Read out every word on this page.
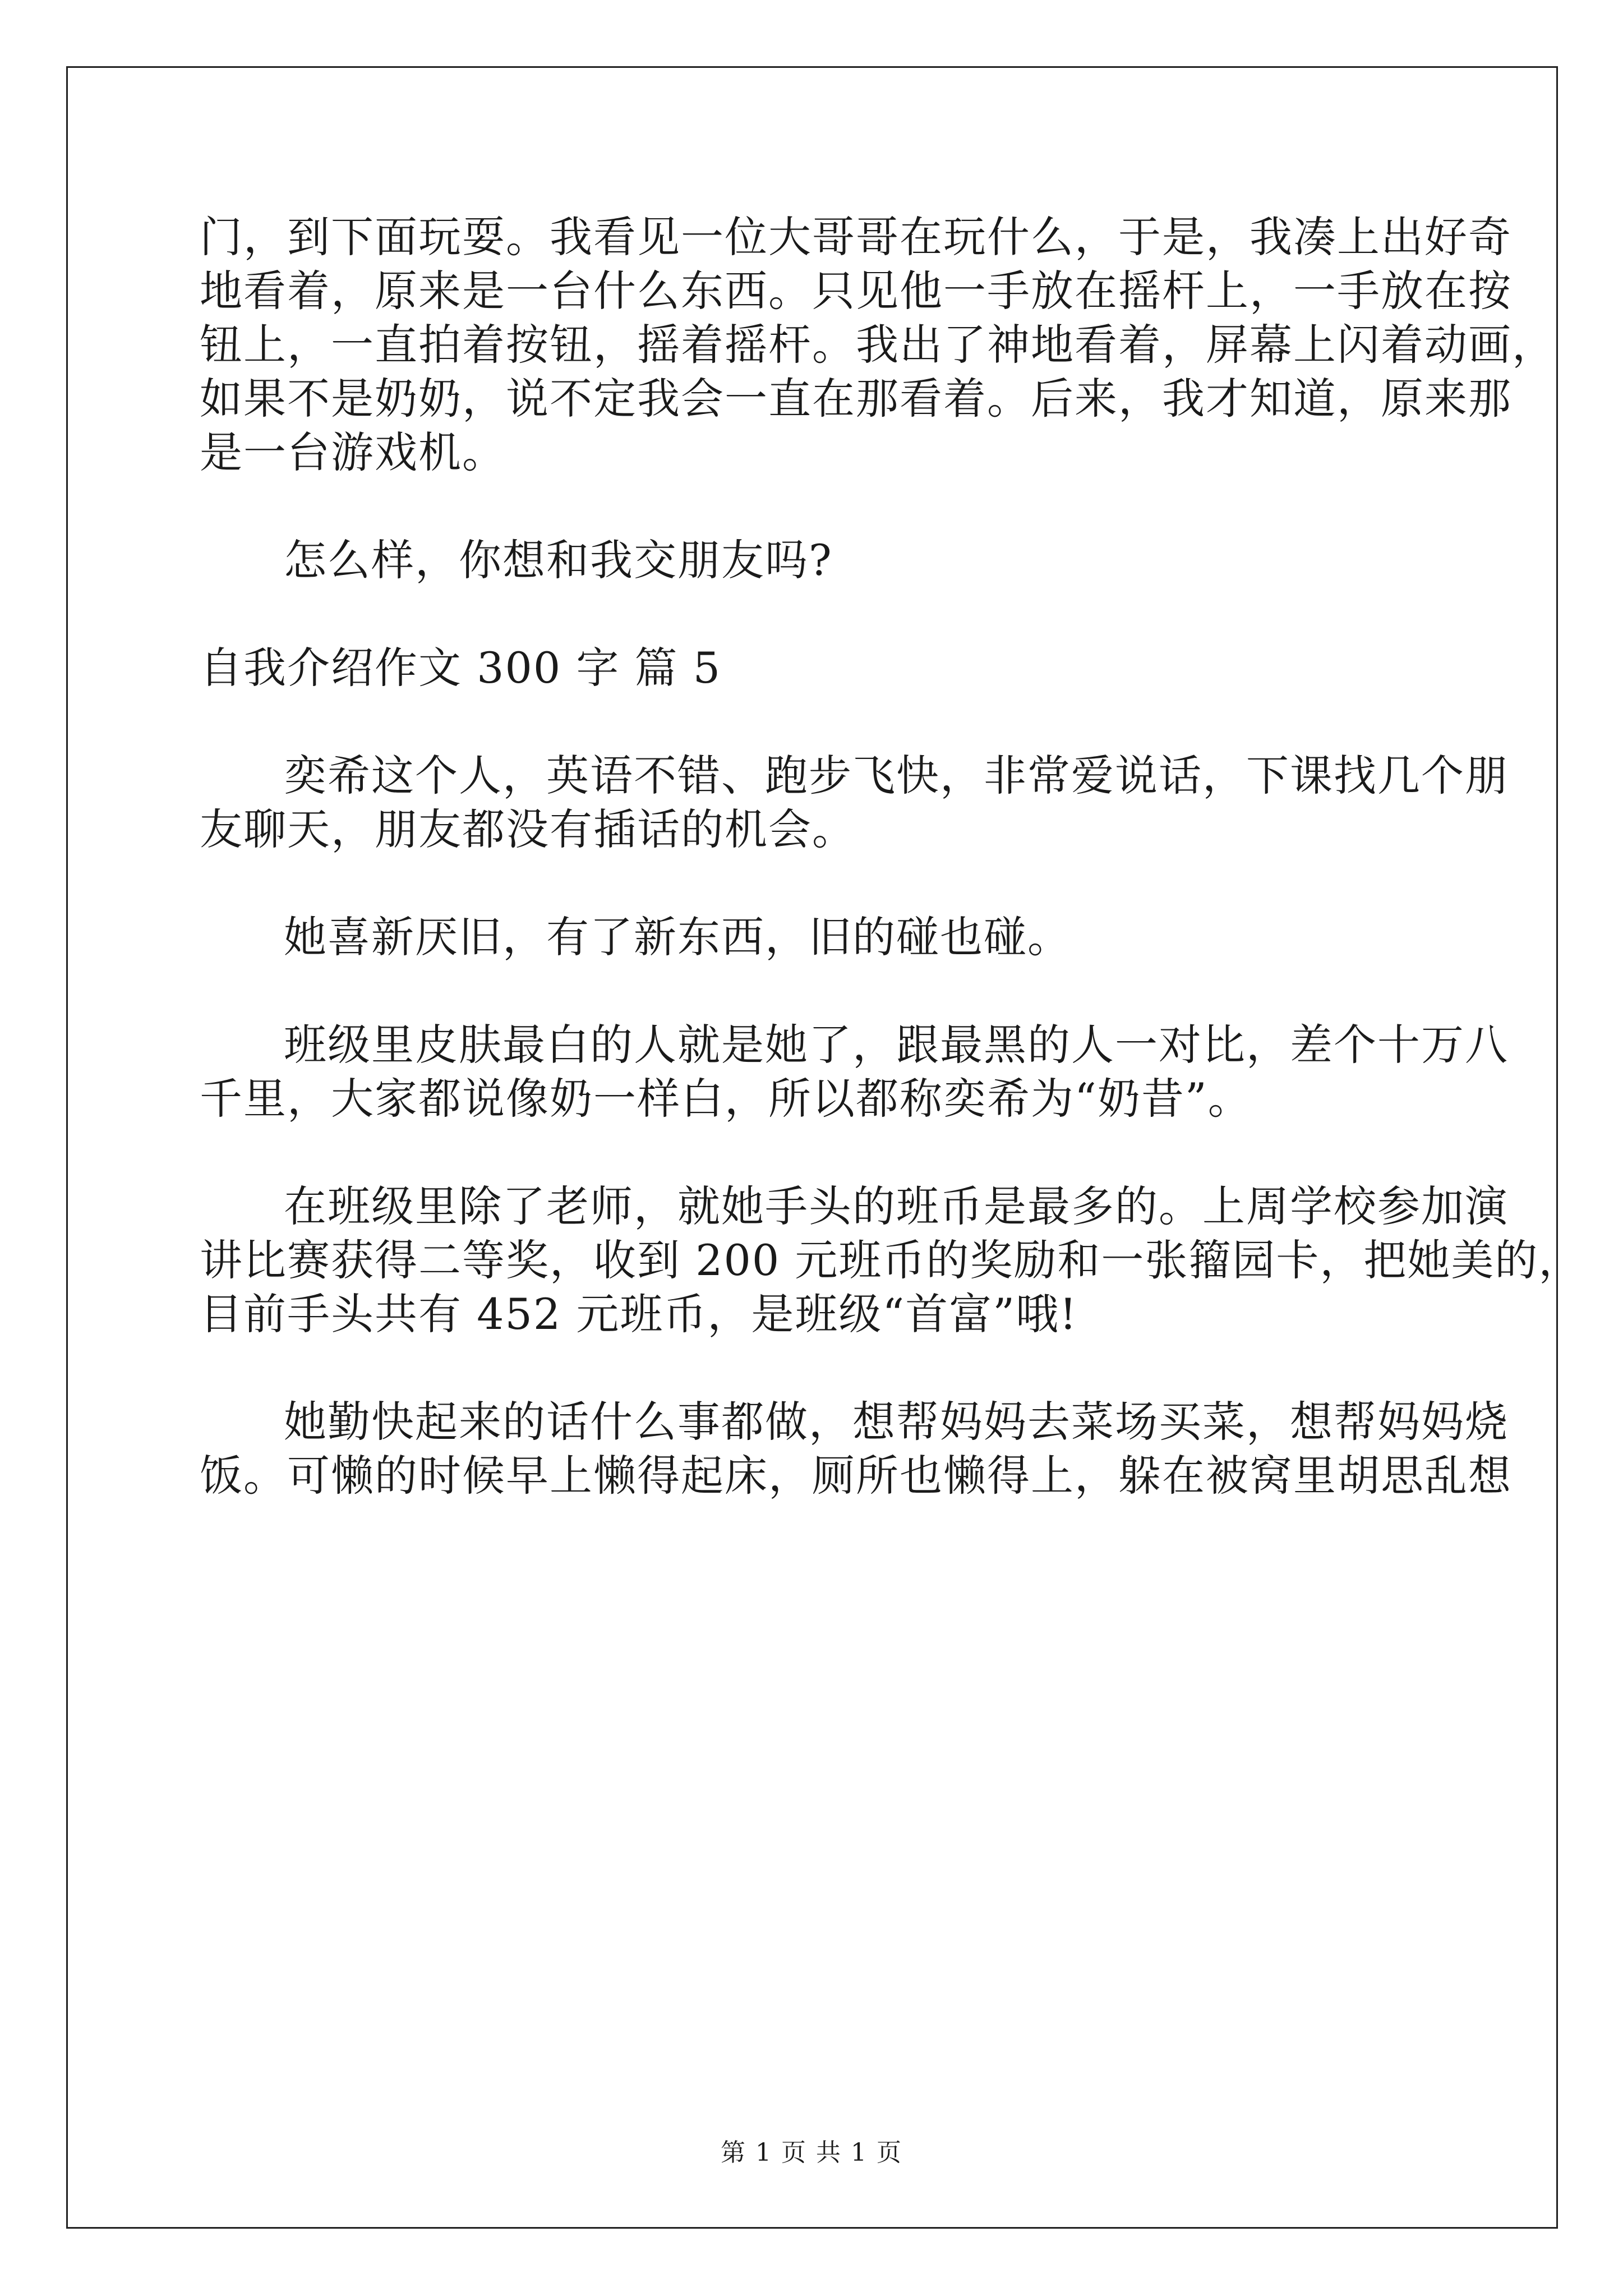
门，到下面玩耍。我看见一位大哥哥在玩什么，于是，我凑上出好奇

地看着，原来是一台什么东西。只见他一手放在摇杆上，一手放在按

钮上，一直拍着按钮，摇着摇杆。我出了神地看着，屏幕上闪着动画，

如果不是奶奶，说不定我会一直在那看着。后来，我才知道，原来那

是一台游戏机。

怎么样，你想和我交朋友吗?

自我介绍作文 300 字 篇 5

奕希这个人，英语不错、跑步飞快，非常爱说话，下课找几个朋

友聊天，朋友都没有插话的机会。

她喜新厌旧，有了新东西，旧的碰也碰。

班级里皮肤最白的人就是她了，跟最黑的人一对比，差个十万八

千里，大家都说像奶一样白，所以都称奕希为“奶昔”。

在班级里除了老师，就她手头的班币是最多的。上周学校参加演

讲比赛获得二等奖，收到 200 元班币的奖励和一张籀园卡，把她美的，

目前手头共有 452 元班币，是班级“首富”哦!

她勤快起来的话什么事都做，想帮妈妈去菜场买菜，想帮妈妈烧

饭。可懒的时候早上懒得起床，厕所也懒得上，躲在被窝里胡思乱想

第 1 页 共 1 页
